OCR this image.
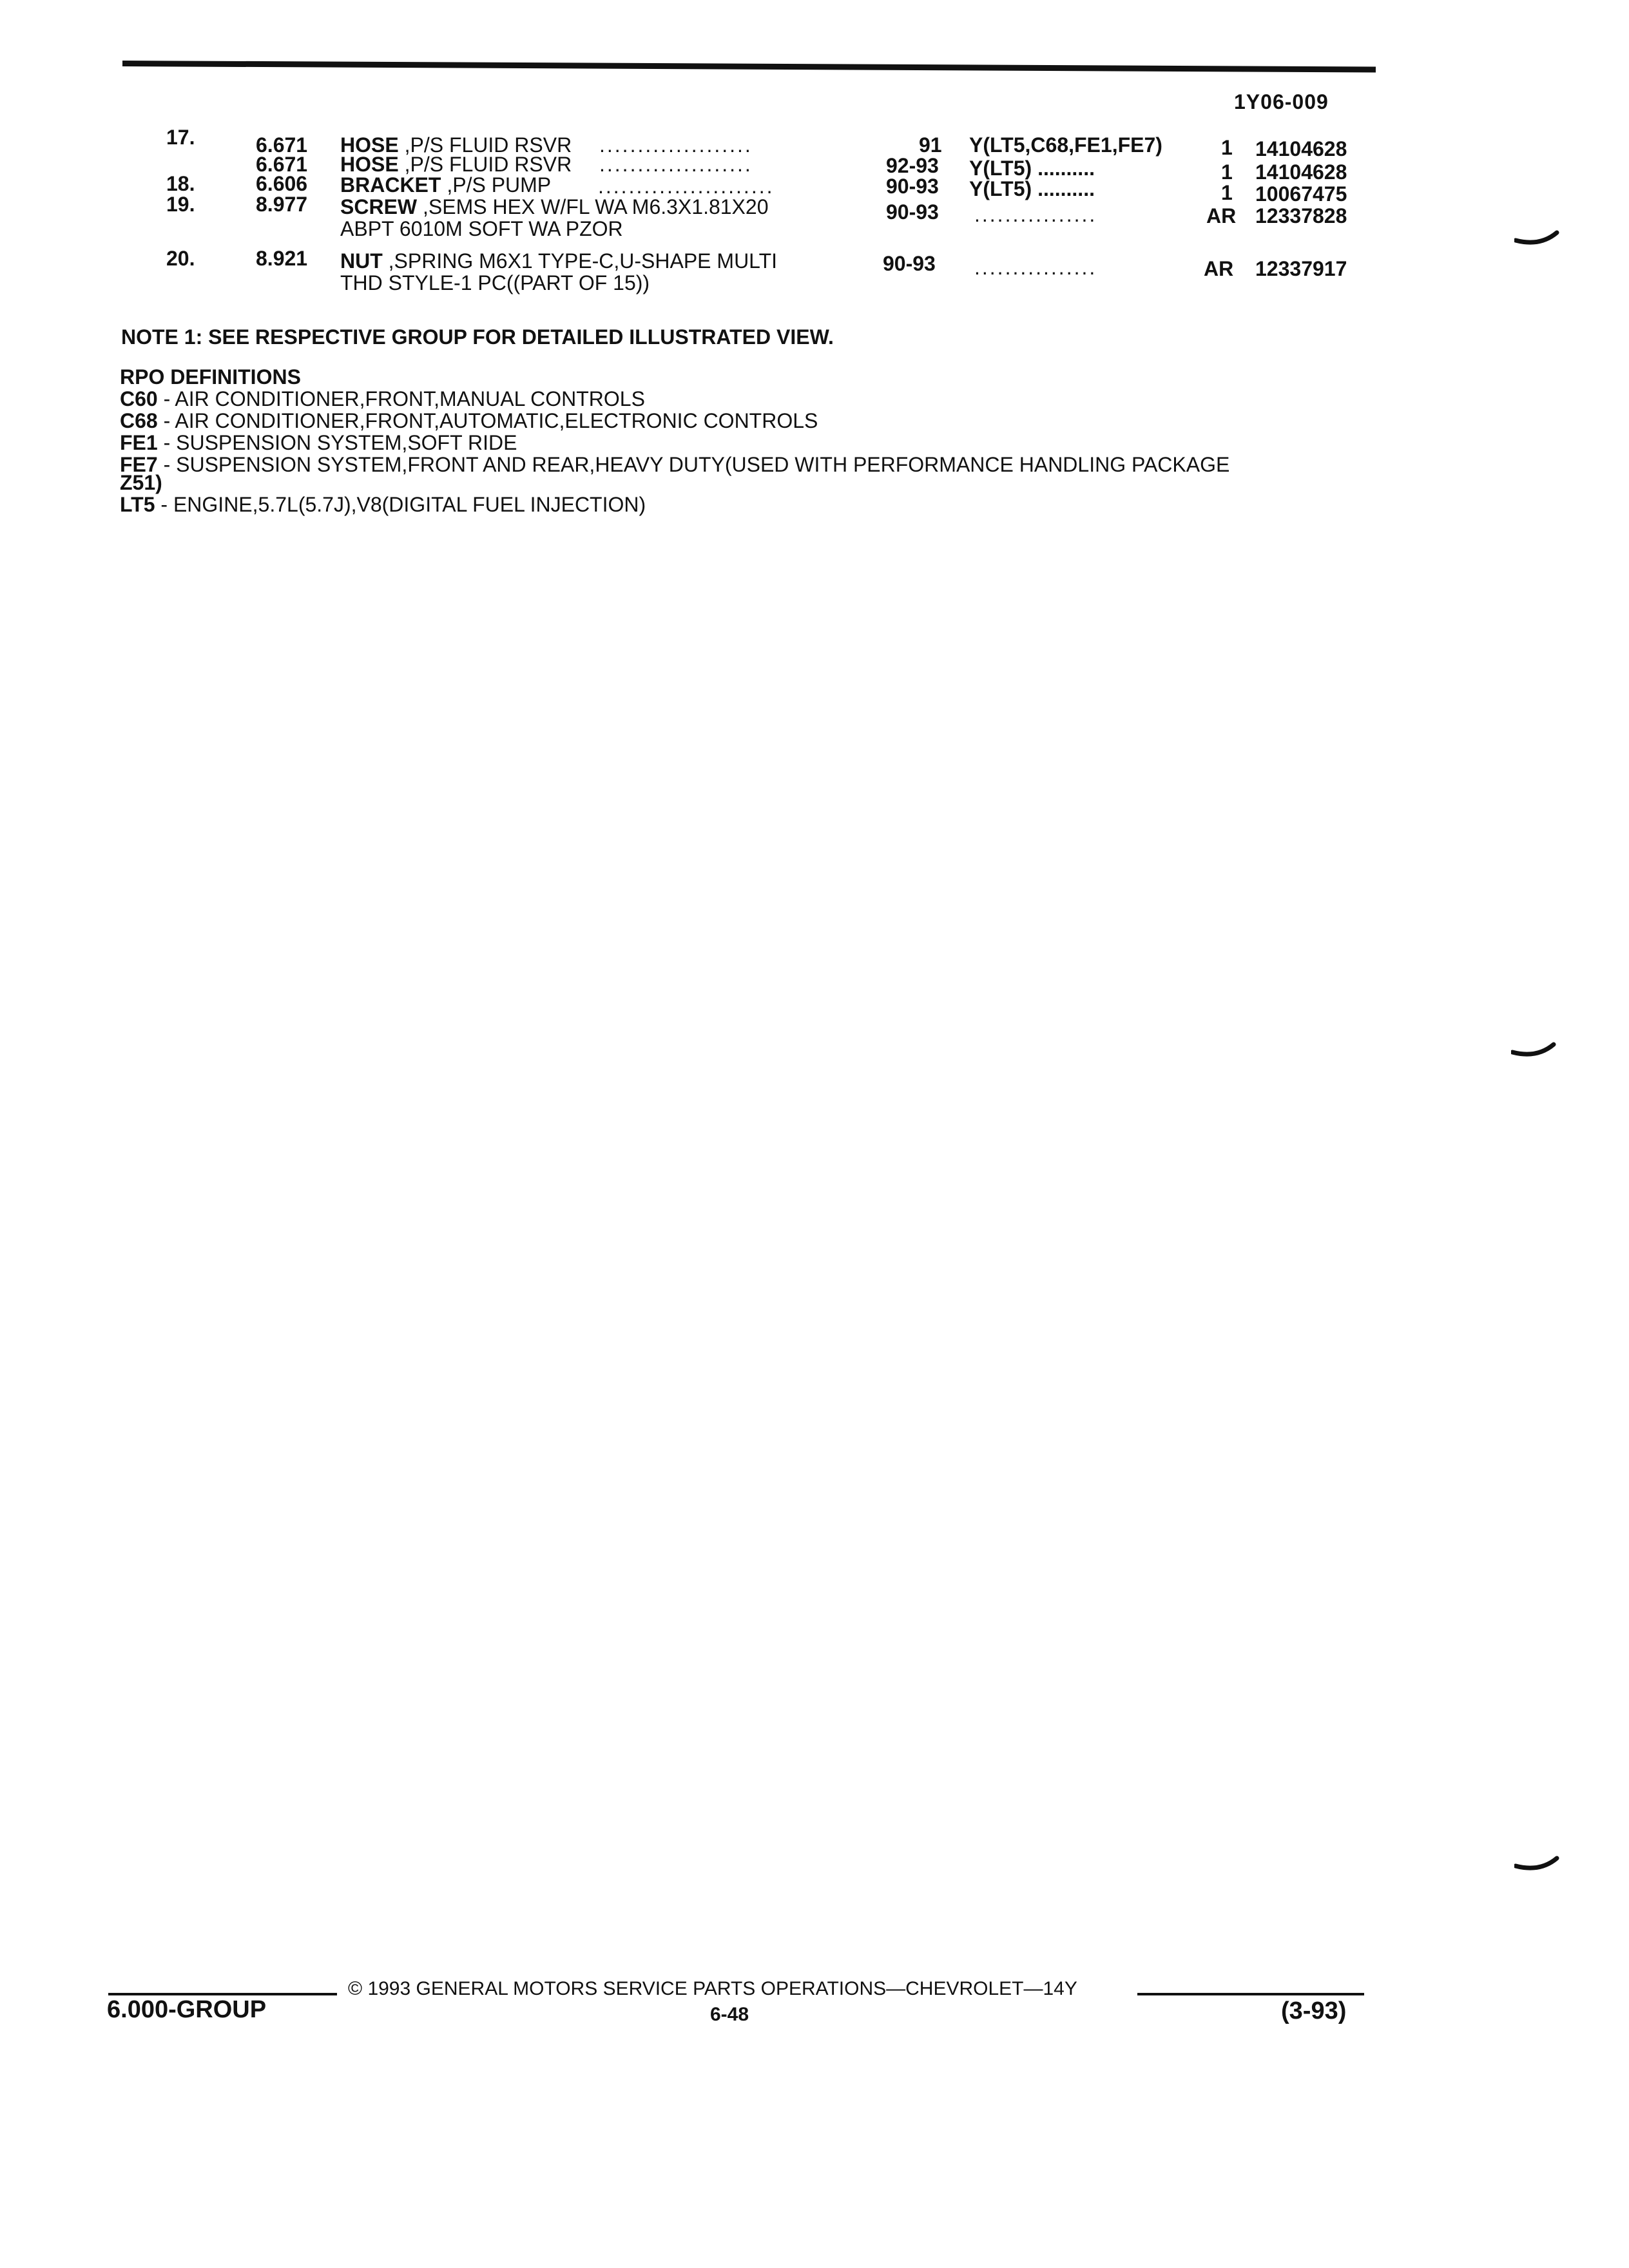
1Y06-009
17.	6.671 HOSE ,P/S FLUID RSVR ....................	91 Y(LT5,C68,FE1,FE7)	1 14104628
6.671 HOSE ,P/S FLUID RSVR ....................	92-93 Y(LT5) ..........	1 14104628
18.	6.606 BRACKET ,P/S PUMP .......................	90-93 Y(LT5) ..........	1 10067475
19.	8.977 SCREW ,SEMS HEX W/FL WA M6.3X1.81X20
ABPT 6010M SOFT WA PZOR
90-93 ................	AR 12337828
20.	8.921 NUT ,SPRING M6X1 TYPE-C,U-SHAPE MULTI
THD STYLE-1 PC((PART OF 15))
90-93 ................	AR 12337917
NOTE 1: SEE RESPECTIVE GROUP FOR DETAILED ILLUSTRATED VIEW.
RPO DEFINITIONS
C60 - AIR CONDITIONER,FRONT,MANUAL CONTROLS
C68 - AIR CONDITIONER,FRONT,AUTOMATIC,ELECTRONIC CONTROLS
FE1 - SUSPENSION SYSTEM,SOFT RIDE
FE7 - SUSPENSION SYSTEM,FRONT AND REAR,HEAVY DUTY(USED WITH PERFORMANCE HANDLING PACKAGE
Z51)
LT5 - ENGINE,5.7L(5.7J),V8(DIGITAL FUEL INJECTION)
© 1993 GENERAL MOTORS SERVICE PARTS OPERATIONS—CHEVROLET—14Y
6.000-GROUP	6-48	(3-93)
